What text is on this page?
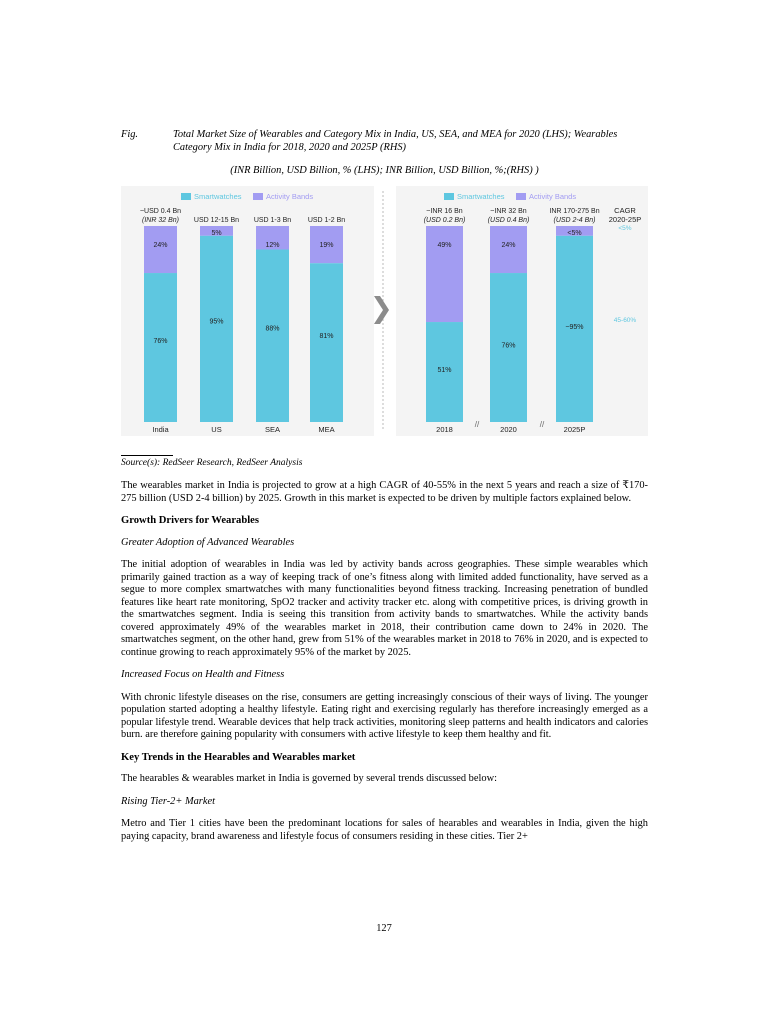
Fig.	Total Market Size of Wearables and Category Mix in India, US, SEA, and MEA for 2020 (LHS); Wearables Category Mix in India for 2018, 2020 and 2025P (RHS)
(INR Billion, USD Billion, % (LHS); INR Billion, USD Billion, %;(RHS) )
Smartwatches	Activity Bands	Smartwatches	Activity Bands
24%
76%
~USD 0.4 Bn
(INR 32 Bn)
India
5%
95%
USD 12-15 Bn
US
12%
88%
USD 1-3 Bn
SEA
19%
81%
USD 1-2 Bn
MEA
49%
51%
~INR 16 Bn
(USD 0.2 Bn)
2018
24%
76%
~INR 32 Bn
(USD 0.4 Bn)
2020
<5%
~95%
INR 170-275 Bn
(USD 2-4 Bn)
2025P
//	//
CAGR
2020-25P
<5%
45-60%
Source(s): RedSeer Research, RedSeer Analysis

The wearables market in India is projected to grow at a high CAGR of 40-55% in the next 5 years and reach a size of ₹170-275 billion (USD 2-4 billion) by 2025. Growth in this market is expected to be driven by multiple factors explained below.

Growth Drivers for Wearables

Greater Adoption of Advanced Wearables

The initial adoption of wearables in India was led by activity bands across geographies. These simple wearables which primarily gained traction as a way of keeping track of one’s fitness along with limited added functionality, have served as a segue to more complex smartwatches with many functionalities beyond fitness tracking. Increasing penetration of bundled features like heart rate monitoring, SpO2 tracker and activity tracker etc. along with competitive prices, is driving growth in the smartwatches segment. India is seeing this transition from activity bands to smartwatches. While the activity bands covered approximately 49% of the wearables market in 2018, their contribution came down to 24% in 2020. The smartwatches segment, on the other hand, grew from 51% of the wearables market in 2018 to 76% in 2020, and is expected to continue growing to reach approximately 95% of the market by 2025.

Increased Focus on Health and Fitness

With chronic lifestyle diseases on the rise, consumers are getting increasingly conscious of their ways of living. The younger population started adopting a healthy lifestyle. Eating right and exercising regularly has therefore increasingly emerged as a popular lifestyle trend. Wearable devices that help track activities, monitoring sleep patterns and health indicators and calories burn. are therefore gaining popularity with consumers with active lifestyle to keep them healthy and fit.

Key Trends in the Hearables and Wearables market

The hearables & wearables market in India is governed by several trends discussed below:

Rising Tier-2+ Market

Metro and Tier 1 cities have been the predominant locations for sales of hearables and wearables in India, given the high paying capacity, brand awareness and lifestyle focus of consumers residing in these cities. Tier 2+

127
